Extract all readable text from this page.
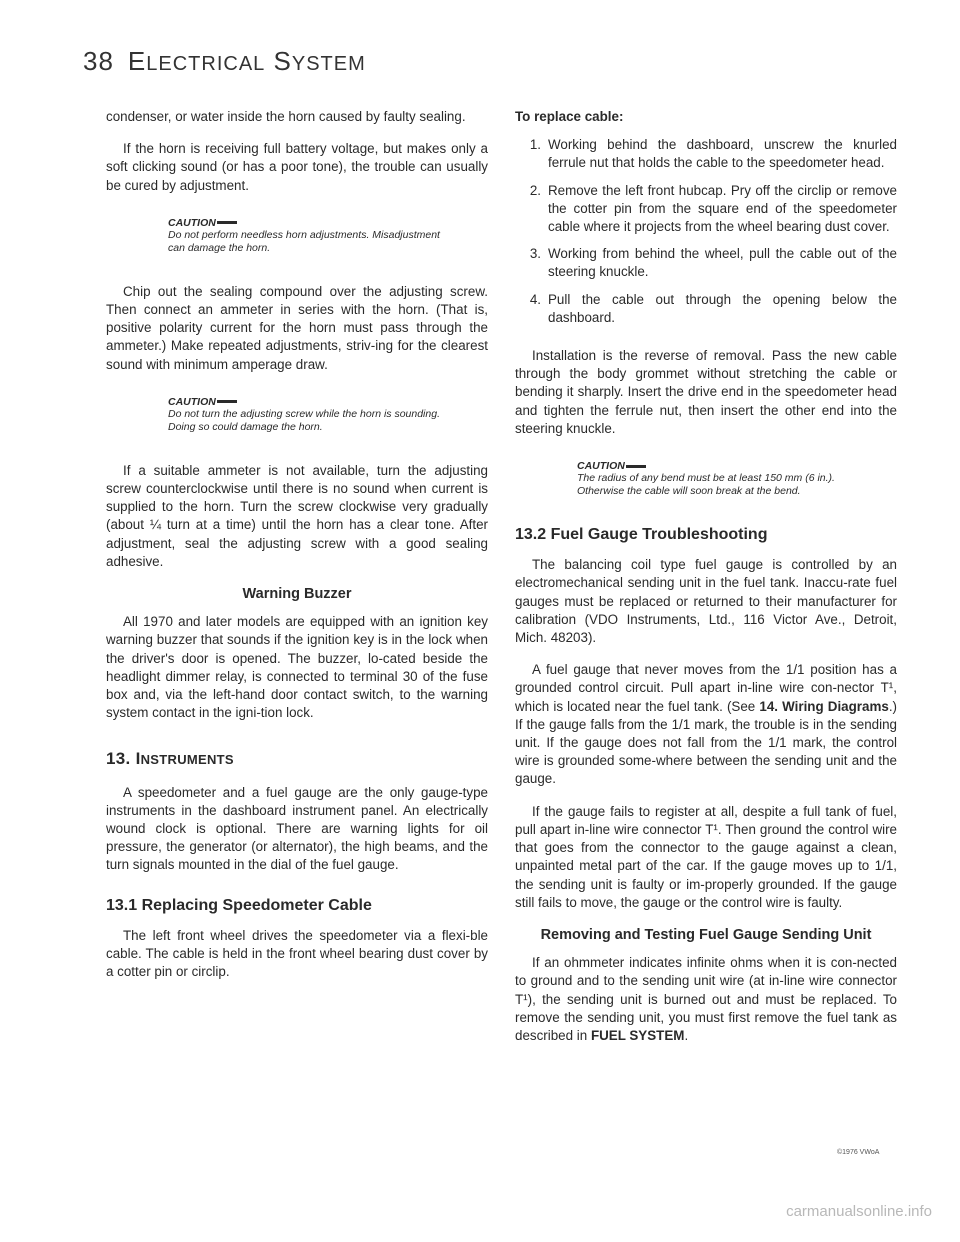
38 ELECTRICAL SYSTEM

condenser, or water inside the horn caused by faulty sealing.

If the horn is receiving full battery voltage, but makes only a soft clicking sound (or has a poor tone), the trouble can usually be cured by adjustment.

CAUTION
Do not perform needless horn adjustments. Misadjustment can damage the horn.

Chip out the sealing compound over the adjusting screw. Then connect an ammeter in series with the horn. (That is, positive polarity current for the horn must pass through the ammeter.) Make repeated adjustments, striv-ing for the clearest sound with minimum amperage draw.

CAUTION
Do not turn the adjusting screw while the horn is sounding. Doing so could damage the horn.

If a suitable ammeter is not available, turn the adjusting screw counterclockwise until there is no sound when current is supplied to the horn. Turn the screw clockwise very gradually (about ¼ turn at a time) until the horn has a clear tone. After adjustment, seal the adjusting screw with a good sealing adhesive.

Warning Buzzer

All 1970 and later models are equipped with an ignition key warning buzzer that sounds if the ignition key is in the lock when the driver's door is opened. The buzzer, lo-cated beside the headlight dimmer relay, is connected to terminal 30 of the fuse box and, via the left-hand door contact switch, to the warning system contact in the igni-tion lock.

13. INSTRUMENTS

A speedometer and a fuel gauge are the only gauge-type instruments in the dashboard instrument panel. An electrically wound clock is optional. There are warning lights for oil pressure, the generator (or alternator), the high beams, and the turn signals mounted in the dial of the fuel gauge.

13.1 Replacing Speedometer Cable

The left front wheel drives the speedometer via a flexi-ble cable. The cable is held in the front wheel bearing dust cover by a cotter pin or circlip.

To replace cable:
1. Working behind the dashboard, unscrew the knurled ferrule nut that holds the cable to the speedometer head.
2. Remove the left front hubcap. Pry off the circlip or remove the cotter pin from the square end of the speedometer cable where it projects from the wheel bearing dust cover.
3. Working from behind the wheel, pull the cable out of the steering knuckle.
4. Pull the cable out through the opening below the dashboard.

Installation is the reverse of removal. Pass the new cable through the body grommet without stretching the cable or bending it sharply. Insert the drive end in the speedometer head and tighten the ferrule nut, then insert the other end into the steering knuckle.

CAUTION
The radius of any bend must be at least 150 mm (6 in.). Otherwise the cable will soon break at the bend.
13.2 Fuel Gauge Troubleshooting

The balancing coil type fuel gauge is controlled by an electromechanical sending unit in the fuel tank. Inaccu-rate fuel gauges must be replaced or returned to their manufacturer for calibration (VDO Instruments, Ltd., 116 Victor Ave., Detroit, Mich. 48203).

A fuel gauge that never moves from the 1/1 position has a grounded control circuit. Pull apart in-line wire con-nector T¹, which is located near the fuel tank. (See 14. Wiring Diagrams.) If the gauge falls from the 1/1 mark, the trouble is in the sending unit. If the gauge does not fall from the 1/1 mark, the control wire is grounded some-where between the sending unit and the gauge.

If the gauge fails to register at all, despite a full tank of fuel, pull apart in-line wire connector T¹. Then ground the control wire that goes from the connector to the gauge against a clean, unpainted metal part of the car. If the gauge moves up to 1/1, the sending unit is faulty or im-properly grounded. If the gauge still fails to move, the gauge or the control wire is faulty.

Removing and Testing Fuel Gauge Sending Unit

If an ohmmeter indicates infinite ohms when it is con-nected to ground and to the sending unit wire (at in-line wire connector T¹), the sending unit is burned out and must be replaced. To remove the sending unit, you must first remove the fuel tank as described in FUEL SYSTEM.

©1976 VWoA
carmanualsonline.info
